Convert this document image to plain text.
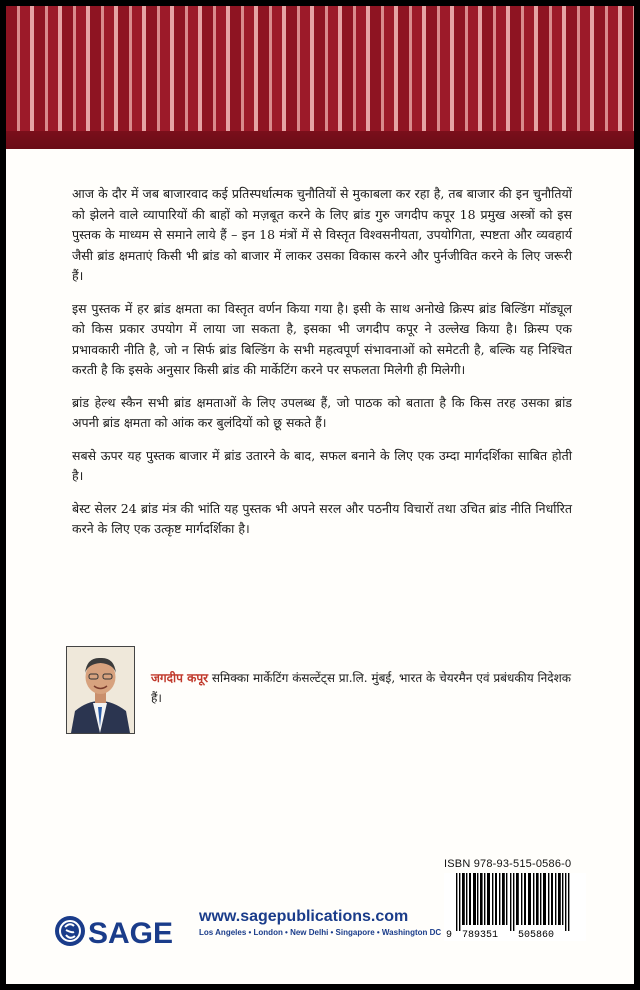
आज के दौर में जब बाजारवाद कई प्रतिस्पर्धात्मक चुनौतियों से मुकाबला कर रहा है, तब बाजार की इन चुनौतियों को झेलने वाले व्यापारियों की बाहों को मज़बूत करने के लिए ब्रांड गुरु जगदीप कपूर 18 प्रमुख अस्त्रों को इस पुस्तक के माध्यम से समाने लाये हैं – इन 18 मंत्रों में से विस्तृत विश्वसनीयता, उपयोगिता, स्पष्टता और व्यवहार्य जैसी ब्रांड क्षमताएं किसी भी ब्रांड को बाजार में लाकर उसका विकास करने और पुर्नजीवित करने के लिए जरूरी हैं।

इस पुस्तक में हर ब्रांड क्षमता का विस्तृत वर्णन किया गया है। इसी के साथ अनोखे क्रिस्प ब्रांड बिल्डिंग मॉड्यूल को किस प्रकार उपयोग में लाया जा सकता है, इसका भी जगदीप कपूर ने उल्लेख किया है। क्रिस्प एक प्रभावकारी नीति है, जो न सिर्फ ब्रांड बिल्डिंग के सभी महत्वपूर्ण संभावनाओं को समेटती है, बल्कि यह निश्चित करती है कि इसके अनुसार किसी ब्रांड की मार्केटिंग करने पर सफलता मिलेगी ही मिलेगी।

ब्रांड हेल्थ स्कैन सभी ब्रांड क्षमताओं के लिए उपलब्ध हैं, जो पाठक को बताता है कि किस तरह उसका ब्रांड अपनी ब्रांड क्षमता को आंक कर बुलंदियों को छू सकते हैं।

सबसे ऊपर यह पुस्तक बाजार में ब्रांड उतारने के बाद, सफल बनाने के लिए एक उम्दा मार्गदर्शिका साबित होती है।

बेस्ट सेलर 24 ब्रांड मंत्र की भांति यह पुस्तक भी अपने सरल और पठनीय विचारों तथा उचित ब्रांड नीति निर्धारित करने के लिए एक उत्कृष्ट मार्गदर्शिका है।

जगदीप कपूर समिक्का मार्केटिंग कंसल्टेंट्स प्रा.लि. मुंबई, भारत के चेयरमैन एवं प्रबंधकीय निदेशक हैं।
ISBN 978-93-515-0586-0
9 789351 505860
SAGE
www.sagepublications.com
Los Angeles • London • New Delhi • Singapore • Washington DC
